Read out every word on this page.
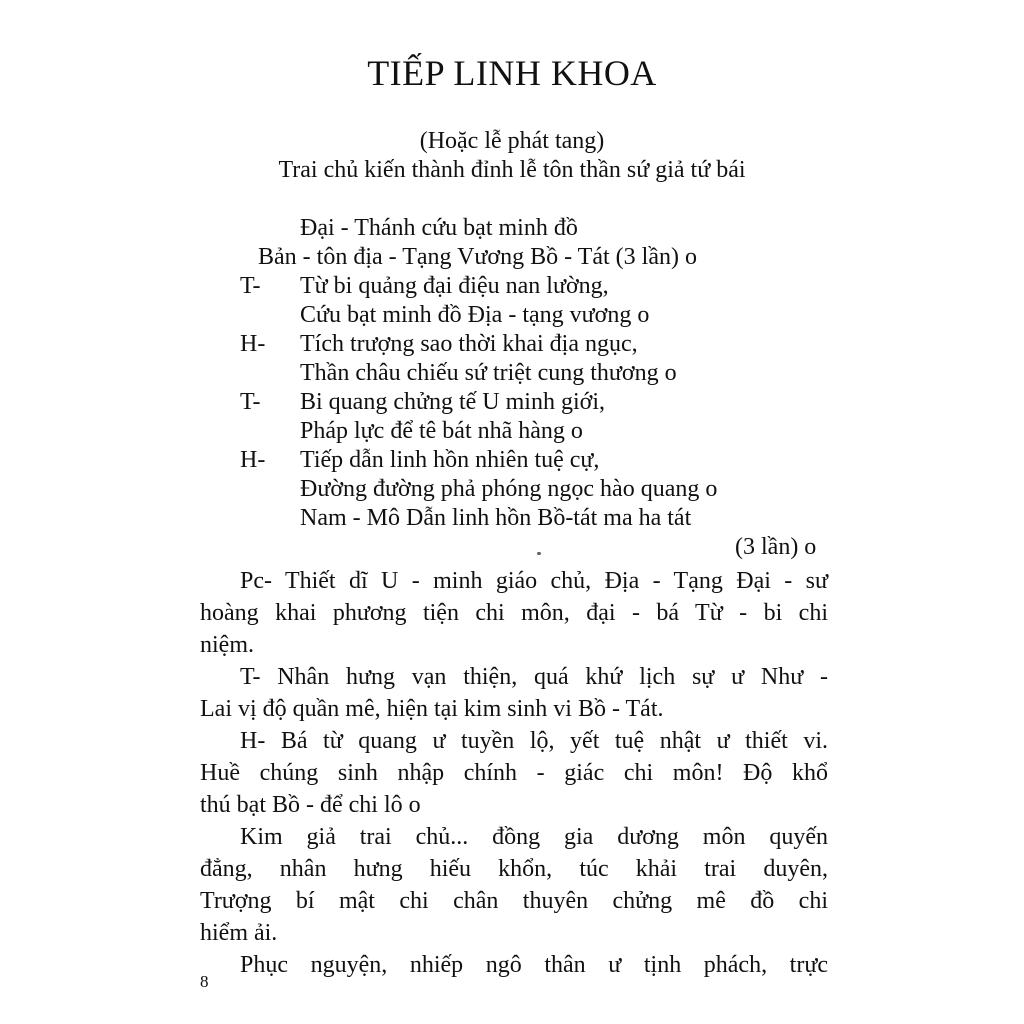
TIẾP LINH KHOA
(Hoặc lễ phát tang)
Trai chủ kiến thành đỉnh lễ tôn thần sứ giả tứ bái
Đại - Thánh cứu bạt minh đồ
Bản - tôn địa - Tạng Vương Bồ - Tát (3 lần) o
T-	Từ bi quảng đại điệu nan lường,
Cứu bạt minh đồ Địa - tạng vương o
H-	Tích trượng sao thời khai địa ngục,
Thần châu chiếu sứ triệt cung thương o
T-	Bi quang chửng tế U minh giới,
Pháp lực để tê bát nhã hàng o
H-	Tiếp dẫn linh hồn nhiên tuệ cự,
Đường đường phả phóng ngọc hào quang o
Nam - Mô Dẫn linh hồn Bồ-tát ma ha tát
(3 lần) o
Pc- Thiết dĩ U - minh giáo chủ, Địa - Tạng Đại - sư
hoàng khai phương tiện chi môn, đại - bá Từ - bi chi
niệm.
T- Nhân hưng vạn thiện, quá khứ lịch sự ư Như -
Lai vị độ quần mê, hiện tại kim sinh vi Bồ - Tát.
H- Bá từ quang ư tuyền lộ, yết tuệ nhật ư thiết vi.
Huề chúng sinh nhập chính - giác chi môn! Độ khổ
thú bạt Bồ - để chi lô o
Kim giả trai chủ... đồng gia dương môn quyến
đẳng, nhân hưng hiếu khổn, túc khải trai duyên,
Trượng bí mật chi chân thuyên chửng mê đồ chi
hiểm ải.
Phục nguyện, nhiếp ngô thân ư tịnh phách, trực
8
